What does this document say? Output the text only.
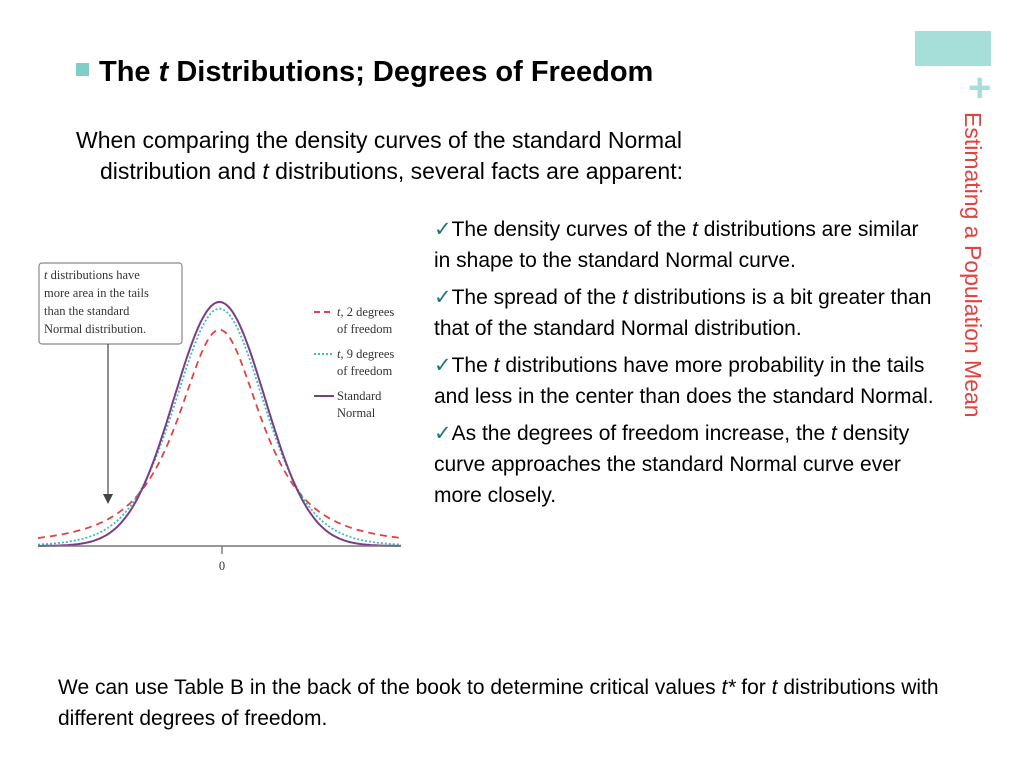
+
Estimating a Population Mean
The t Distributions; Degrees of Freedom
When comparing the density curves of the standard Normal
distribution and t distributions, several facts are apparent:
✓The density curves of the t distributions are similar in shape to the standard Normal curve.
✓The spread of the t distributions is a bit greater than that of the standard Normal distribution.
✓The t distributions have more probability in the tails and less in the center than does the standard Normal.
✓As the degrees of freedom increase, the t density curve approaches the standard Normal curve ever more closely.
t distributions have
more area in the tails
than the standard
Normal distribution.
0
t, 2 degrees
of freedom
t, 9 degrees
of freedom
Standard
Normal
We can use Table B in the back of the book to determine critical values t* for t distributions with different degrees of freedom.
